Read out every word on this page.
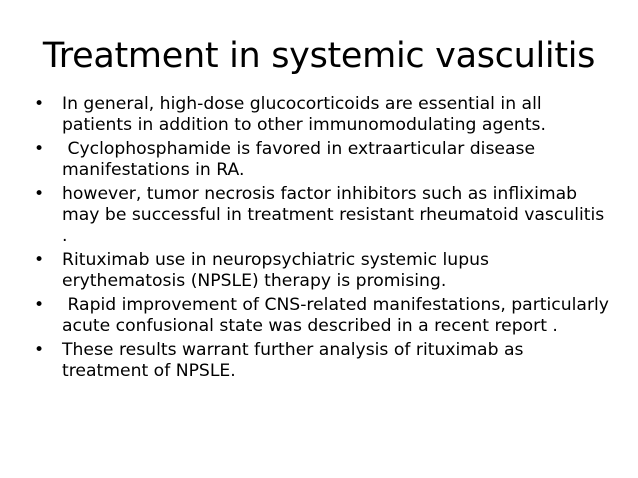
Treatment in systemic vasculitis
• In general, high-dose glucocorticoids are essential in all patients in addition to other immunomodulating agents.
• Cyclophosphamide is favored in extraarticular disease manifestations in RA.
• however, tumor necrosis factor inhibitors such as infliximab may be successful in treatment resistant rheumatoid vasculitis .
• Rituximab use in neuropsychiatric systemic lupus erythematosis (NPSLE) therapy is promising.
• Rapid improvement of CNS-related manifestations, particularly acute confusional state was described in a recent report .
• These results warrant further analysis of rituximab as treatment of NPSLE.
